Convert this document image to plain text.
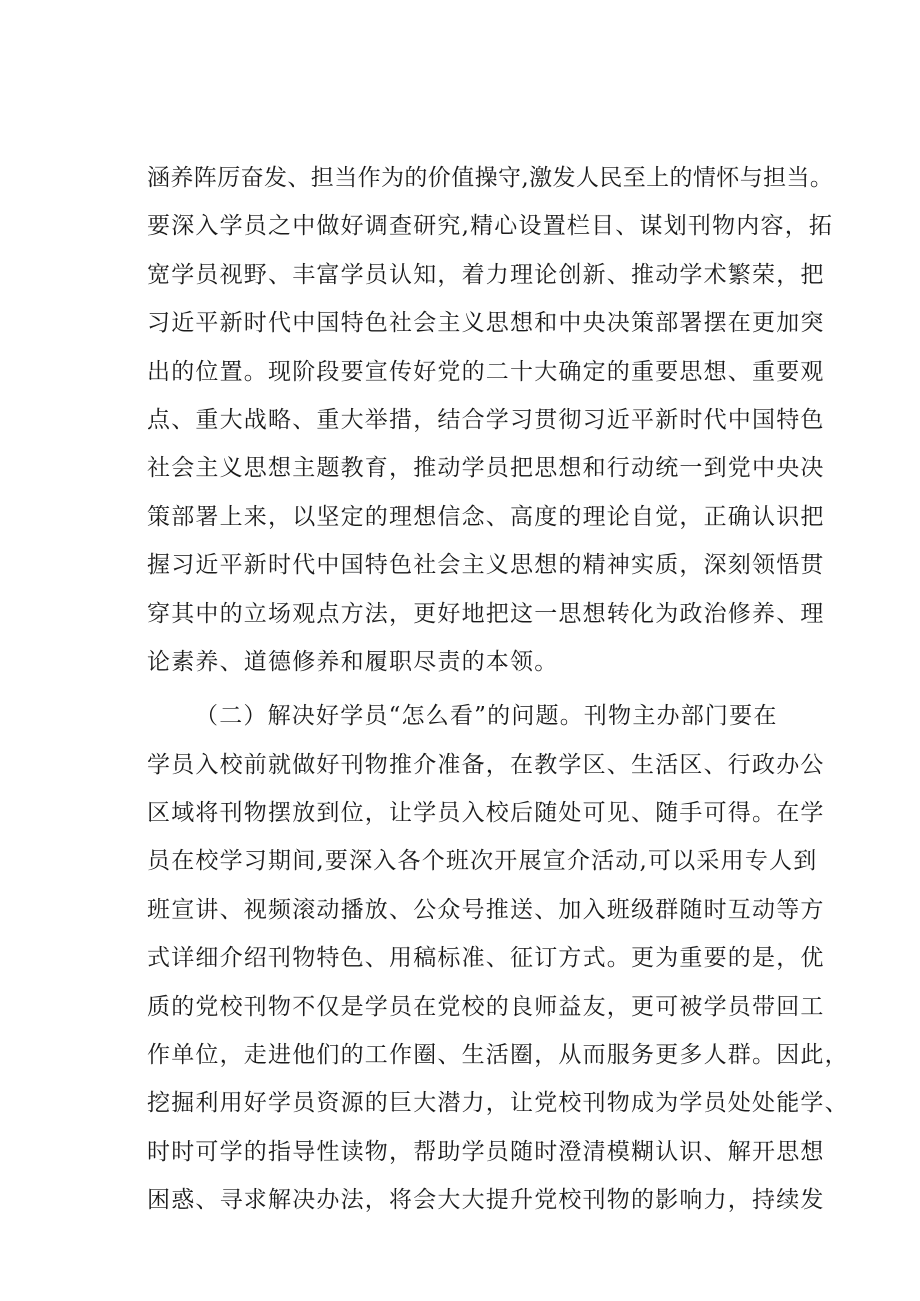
涵养阵厉奋发、担当作为的价值操守,激发人民至上的情怀与担当。
要深入学员之中做好调查研究,精心设置栏目、谋划刊物内容，拓
宽学员视野、丰富学员认知，着力理论创新、推动学术繁荣，把
习近平新时代中国特色社会主义思想和中央决策部署摆在更加突
出的位置。现阶段要宣传好党的二十大确定的重要思想、重要观
点、重大战略、重大举措，结合学习贯彻习近平新时代中国特色
社会主义思想主题教育，推动学员把思想和行动统一到党中央决
策部署上来，以坚定的理想信念、高度的理论自觉，正确认识把
握习近平新时代中国特色社会主义思想的精神实质，深刻领悟贯
穿其中的立场观点方法，更好地把这一思想转化为政治修养、理
论素养、道德修养和履职尽责的本领。
（二）解决好学员“怎么看”的问题。刊物主办部门要在
学员入校前就做好刊物推介准备，在教学区、生活区、行政办公
区域将刊物摆放到位，让学员入校后随处可见、随手可得。在学
员在校学习期间,要深入各个班次开展宣介活动,可以采用专人到
班宣讲、视频滚动播放、公众号推送、加入班级群随时互动等方
式详细介绍刊物特色、用稿标准、征订方式。更为重要的是，优
质的党校刊物不仅是学员在党校的良师益友，更可被学员带回工
作单位，走进他们的工作圈、生活圈，从而服务更多人群。因此，
挖掘利用好学员资源的巨大潜力，让党校刊物成为学员处处能学、
时时可学的指导性读物，帮助学员随时澄清模糊认识、解开思想
困惑、寻求解决办法，将会大大提升党校刊物的影响力，持续发
